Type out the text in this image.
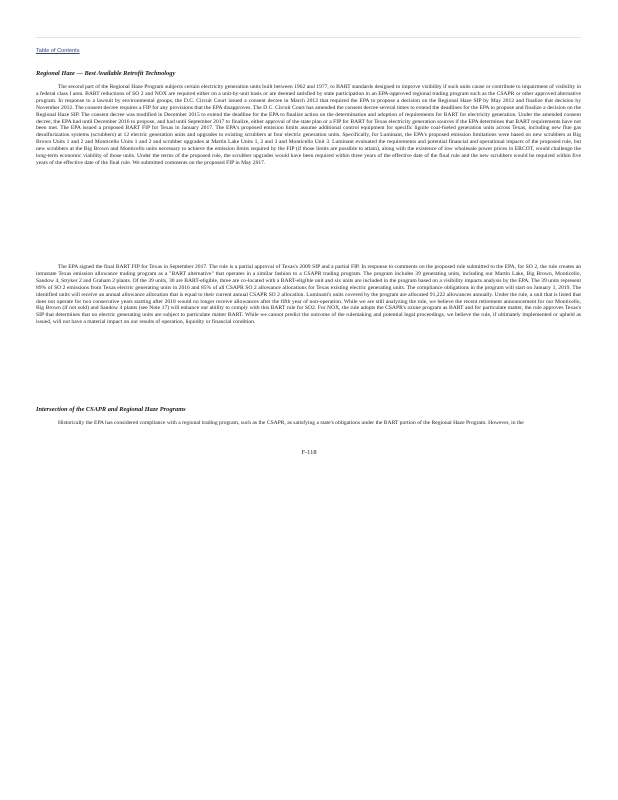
Table of Contents
Regional Haze — Best Available Retrofit Technology
The second part of the Regional Haze Program subjects certain electricity generation units built between 1962 and 1977, to BART standards designed to improve visibility if such units cause or contribute to impairment of visibility in a federal class I area. BART reductions of SO 2 and NOX are required either on a unit-by-unit basis or are deemed satisfied by state participation in an EPA-approved regional trading program such as the CSAPR or other approved alternative program. In response to a lawsuit by environmental groups, the D.C. Circuit Court issued a consent decree in March 2012 that required the EPA to propose a decision on the Regional Haze SIP by May 2012 and finalize that decision by November 2012. The consent decree requires a FIP for any provisions that the EPA disapproves. The D.C. Circuit Court has amended the consent decree several times to extend the deadlines for the EPA to propose and finalize a decision on the Regional Haze SIP. The consent decree was modified in December 2015 to extend the deadline for the EPA to finalize action on the determination and adoption of requirements for BART for electricity generation. Under the amended consent decree, the EPA had until December 2016 to propose, and had until September 2017 to finalize, either approval of the state plan or a FIP for BART for Texas electricity generation sources if the EPA determines that BART requirements have not been met. The EPA issued a proposed BART FIP for Texas in January 2017. The EPA's proposed emission limits assume additional control equipment for specific lignite coal-fueled generation units across Texas, including new flue gas desulfurization systems (scrubbers) at 12 electric generation units and upgrades to existing scrubbers at four electric generation units. Specifically, for Luminant, the EPA's proposed emission limitations were based on new scrubbers at Big Brown Units 1 and 2 and Monticello Units 1 and 2 and scrubber upgrades at Martin Lake Units 1, 2 and 3 and Monticello Unit 3. Luminant evaluated the requirements and potential financial and operational impacts of the proposed rule, but new scrubbers at the Big Brown and Monticello units necessary to achieve the emission limits required by the FIP (if those limits are possible to attain), along with the existence of low wholesale power prices in ERCOT, would challenge the long-term economic viability of those units. Under the terms of the proposed rule, the scrubber upgrades would have been required within three years of the effective date of the final rule and the new scrubbers would be required within five years of the effective date of the final rule. We submitted comments on the proposed FIP in May 2017.
The EPA signed the final BART FIP for Texas in September 2017. The rule is a partial approval of Texas's 2009 SIP and a partial FIP. In response to comments on the proposed rule submitted to the EPA, for SO 2, the rule creates an intrastate Texas emission allowance trading program as a "BART alternative" that operates in a similar fashion to a CSAPR trading program. The program includes 39 generating units, including our Martin Lake, Big Brown, Monticello, Sandow 4, Stryker 2 and Graham 2 plants. Of the 39 units, 30 are BART-eligible, three are co-located with a BART-eligible unit and six units are included in the program based on a visibility impacts analysis by the EPA. The 39 units represent 89% of SO 2 emissions from Texas electric generating units in 2016 and 85% of all CSAPR SO 2 allowance allocations for Texas existing electric generating units. The compliance obligations in the program will start on January 1, 2019. The identified units will receive an annual allowance allocation that is equal to their current annual CSAPR SO 2 allocation. Luminant's units covered by the program are allocated 91,222 allowances annually. Under the rule, a unit that is listed that does not operate for two consecutive years starting after 2018 would no longer receive allowances after the fifth year of non-operation. While we are still analyzing the rule, we believe the recent retirement announcement for our Monticello, Big Brown (if not sold) and Sandow 4 plants (see Note 17) will enhance our ability to comply with this BART rule for SO2. For NOX, the rule adopts the CSAPR's ozone program as BART and for particulate matter, the rule approves Texas's SIP that determines that no electric generating units are subject to particulate matter BART. While we cannot predict the outcome of the rulemaking and potential legal proceedings, we believe the rule, if ultimately implemented or upheld as issued, will not have a material impact on our results of operation, liquidity or financial condition.
Intersection of the CSAPR and Regional Haze Programs
Historically the EPA has considered compliance with a regional trading program, such as the CSAPR, as satisfying a state's obligations under the BART portion of the Regional Haze Program. However, in the
F-118
